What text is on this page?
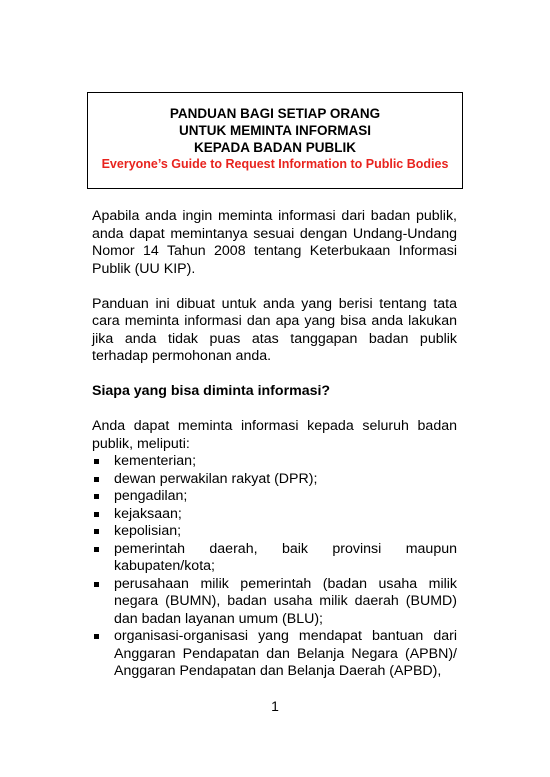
PANDUAN BAGI SETIAP ORANG
UNTUK MEMINTA INFORMASI
KEPADA BADAN PUBLIK
Everyone’s Guide to Request Information to Public Bodies

Apabila anda ingin meminta informasi dari badan publik, anda dapat memintanya sesuai dengan Undang-Undang Nomor 14 Tahun 2008 tentang Keterbukaan Informasi Publik (UU KIP).

Panduan ini dibuat untuk anda yang berisi tentang tata cara meminta informasi dan apa yang bisa anda lakukan jika anda tidak puas atas tanggapan badan publik terhadap permohonan anda.

Siapa yang bisa diminta informasi?

Anda dapat meminta informasi kepada seluruh badan publik, meliputi:

kementerian;
dewan perwakilan rakyat (DPR);
pengadilan;
kejaksaan;
kepolisian;
pemerintah daerah, baik provinsi maupun kabupaten/kota;
perusahaan milik pemerintah (badan usaha milik negara (BUMN), badan usaha milik daerah (BUMD) dan badan layanan umum (BLU);
organisasi-organisasi yang mendapat bantuan dari Anggaran Pendapatan dan Belanja Negara (APBN)/ Anggaran Pendapatan dan Belanja Daerah (APBD),
1
